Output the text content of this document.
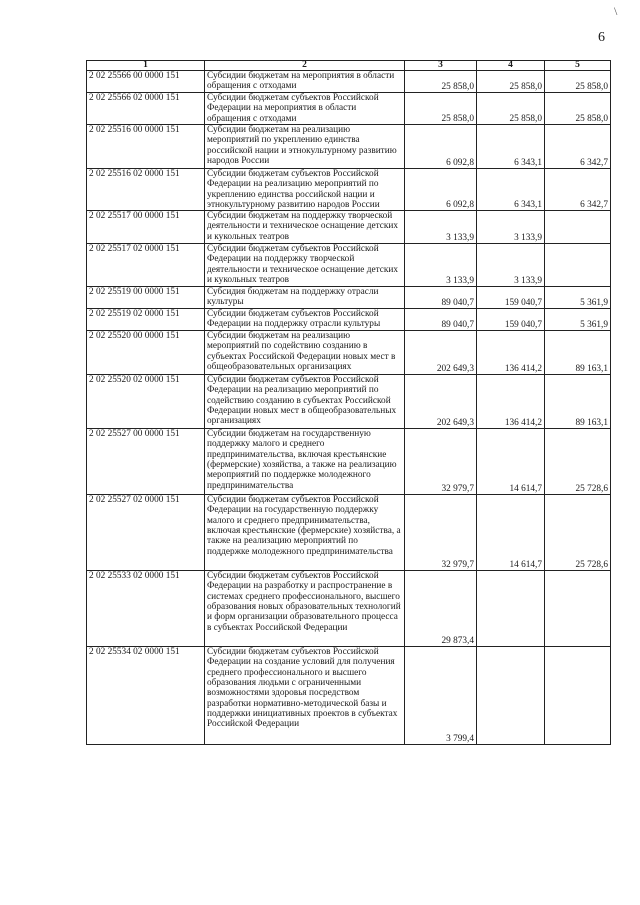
\
6
1	2	3	4	5
2 02 25566 00 0000 151	Субсидии бюджетам на мероприятия в области обращения с отходами	25 858,0	25 858,0	25 858,0
2 02 25566 02 0000 151	Субсидии бюджетам субъектов Российской Федерации на мероприятия в области обращения с отходами	25 858,0	25 858,0	25 858,0
2 02 25516 00 0000 151	Субсидии бюджетам на реализацию мероприятий по укреплению единства российской нации и этнокультурному развитию народов России	6 092,8	6 343,1	6 342,7
2 02 25516 02 0000 151	Субсидии бюджетам субъектов Российской Федерации на реализацию мероприятий по укреплению единства российской нации и этнокультурному развитию народов России	6 092,8	6 343,1	6 342,7
2 02 25517 00 0000 151	Субсидии бюджетам на поддержку творческой деятельности и техническое оснащение детских и кукольных театров	3 133,9	3 133,9	
2 02 25517 02 0000 151	Субсидии бюджетам субъектов Российской Федерации на поддержку творческой деятельности и техническое оснащение детских и кукольных театров	3 133,9	3 133,9	
2 02 25519 00 0000 151	Субсидия бюджетам на поддержку отрасли культуры	89 040,7	159 040,7	5 361,9
2 02 25519 02 0000 151	Субсидии бюджетам субъектов Российской Федерации на поддержку отрасли культуры	89 040,7	159 040,7	5 361,9
2 02 25520 00 0000 151	Субсидии бюджетам на реализацию мероприятий по содействию созданию в субъектах Российской Федерации новых мест в общеобразовательных организациях	202 649,3	136 414,2	89 163,1
2 02 25520 02 0000 151	Субсидии бюджетам субъектов Российской Федерации на реализацию мероприятий по содействию созданию в субъектах Российской Федерации новых мест в общеобразовательных организациях	202 649,3	136 414,2	89 163,1
2 02 25527 00 0000 151	Субсидии бюджетам на государственную поддержку малого и среднего предпринимательства, включая крестьянские (фермерские) хозяйства, а также на реализацию мероприятий по поддержке молодежного предпринимательства	32 979,7	14 614,7	25 728,6
2 02 25527 02 0000 151	Субсидии бюджетам субъектов Российской Федерации на государственную поддержку малого и среднего предпринимательства, включая крестьянские (фермерские) хозяйства, а также на реализацию мероприятий по поддержке молодежного предпринимательства	32 979,7	14 614,7	25 728,6
2 02 25533 02 0000 151	Субсидии бюджетам субъектов Российской Федерации на разработку и распространение в системах среднего профессионального, высшего образования новых образовательных технологий и форм организации образовательного процесса в субъектах Российской Федерации	29 873,4		
2 02 25534 02 0000 151	Субсидии бюджетам субъектов Российской Федерации на создание условий для получения среднего профессионального и высшего образования людьми с ограниченными возможностями здоровья посредством разработки нормативно-методической базы и поддержки инициативных проектов в субъектах Российской Федерации	3 799,4		
